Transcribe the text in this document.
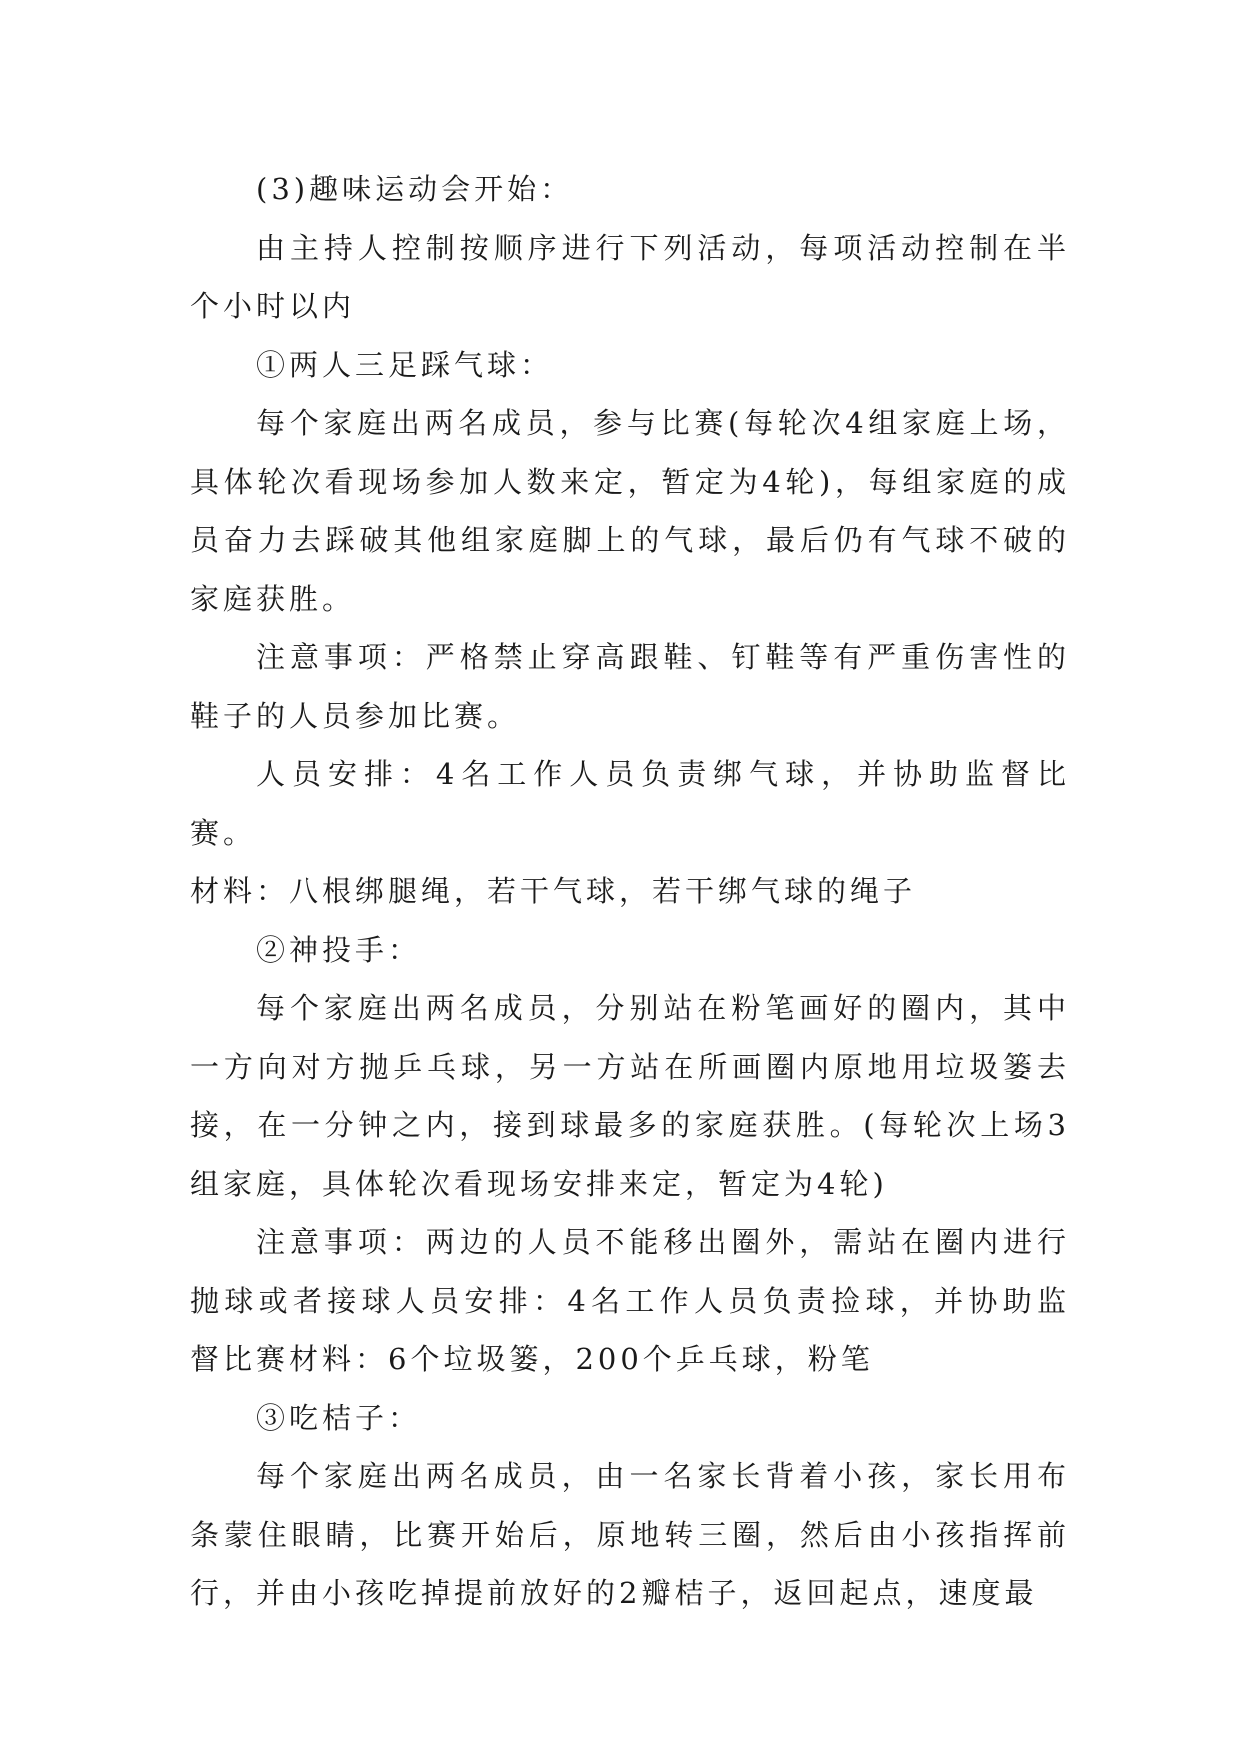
(3)趣味运动会开始：

由主持人控制按顺序进行下列活动，每项活动控制在半个小时以内

①两人三足踩气球：

每个家庭出两名成员，参与比赛(每轮次4组家庭上场，具体轮次看现场参加人数来定，暂定为4轮)，每组家庭的成员奋力去踩破其他组家庭脚上的气球，最后仍有气球不破的家庭获胜。

注意事项：严格禁止穿高跟鞋、钉鞋等有严重伤害性的鞋子的人员参加比赛。

人员安排：4名工作人员负责绑气球，并协助监督比赛。

材料：八根绑腿绳，若干气球，若干绑气球的绳子

②神投手：

每个家庭出两名成员，分别站在粉笔画好的圈内，其中一方向对方抛乒乓球，另一方站在所画圈内原地用垃圾篓去接，在一分钟之内，接到球最多的家庭获胜。(每轮次上场3组家庭，具体轮次看现场安排来定，暂定为4轮)

注意事项：两边的人员不能移出圈外，需站在圈内进行抛球或者接球人员安排：4名工作人员负责捡球，并协助监督比赛材料：6个垃圾篓，200个乒乓球，粉笔

③吃桔子：

每个家庭出两名成员，由一名家长背着小孩，家长用布条蒙住眼睛，比赛开始后，原地转三圈，然后由小孩指挥前行，并由小孩吃掉提前放好的2瓣桔子，返回起点，速度最
